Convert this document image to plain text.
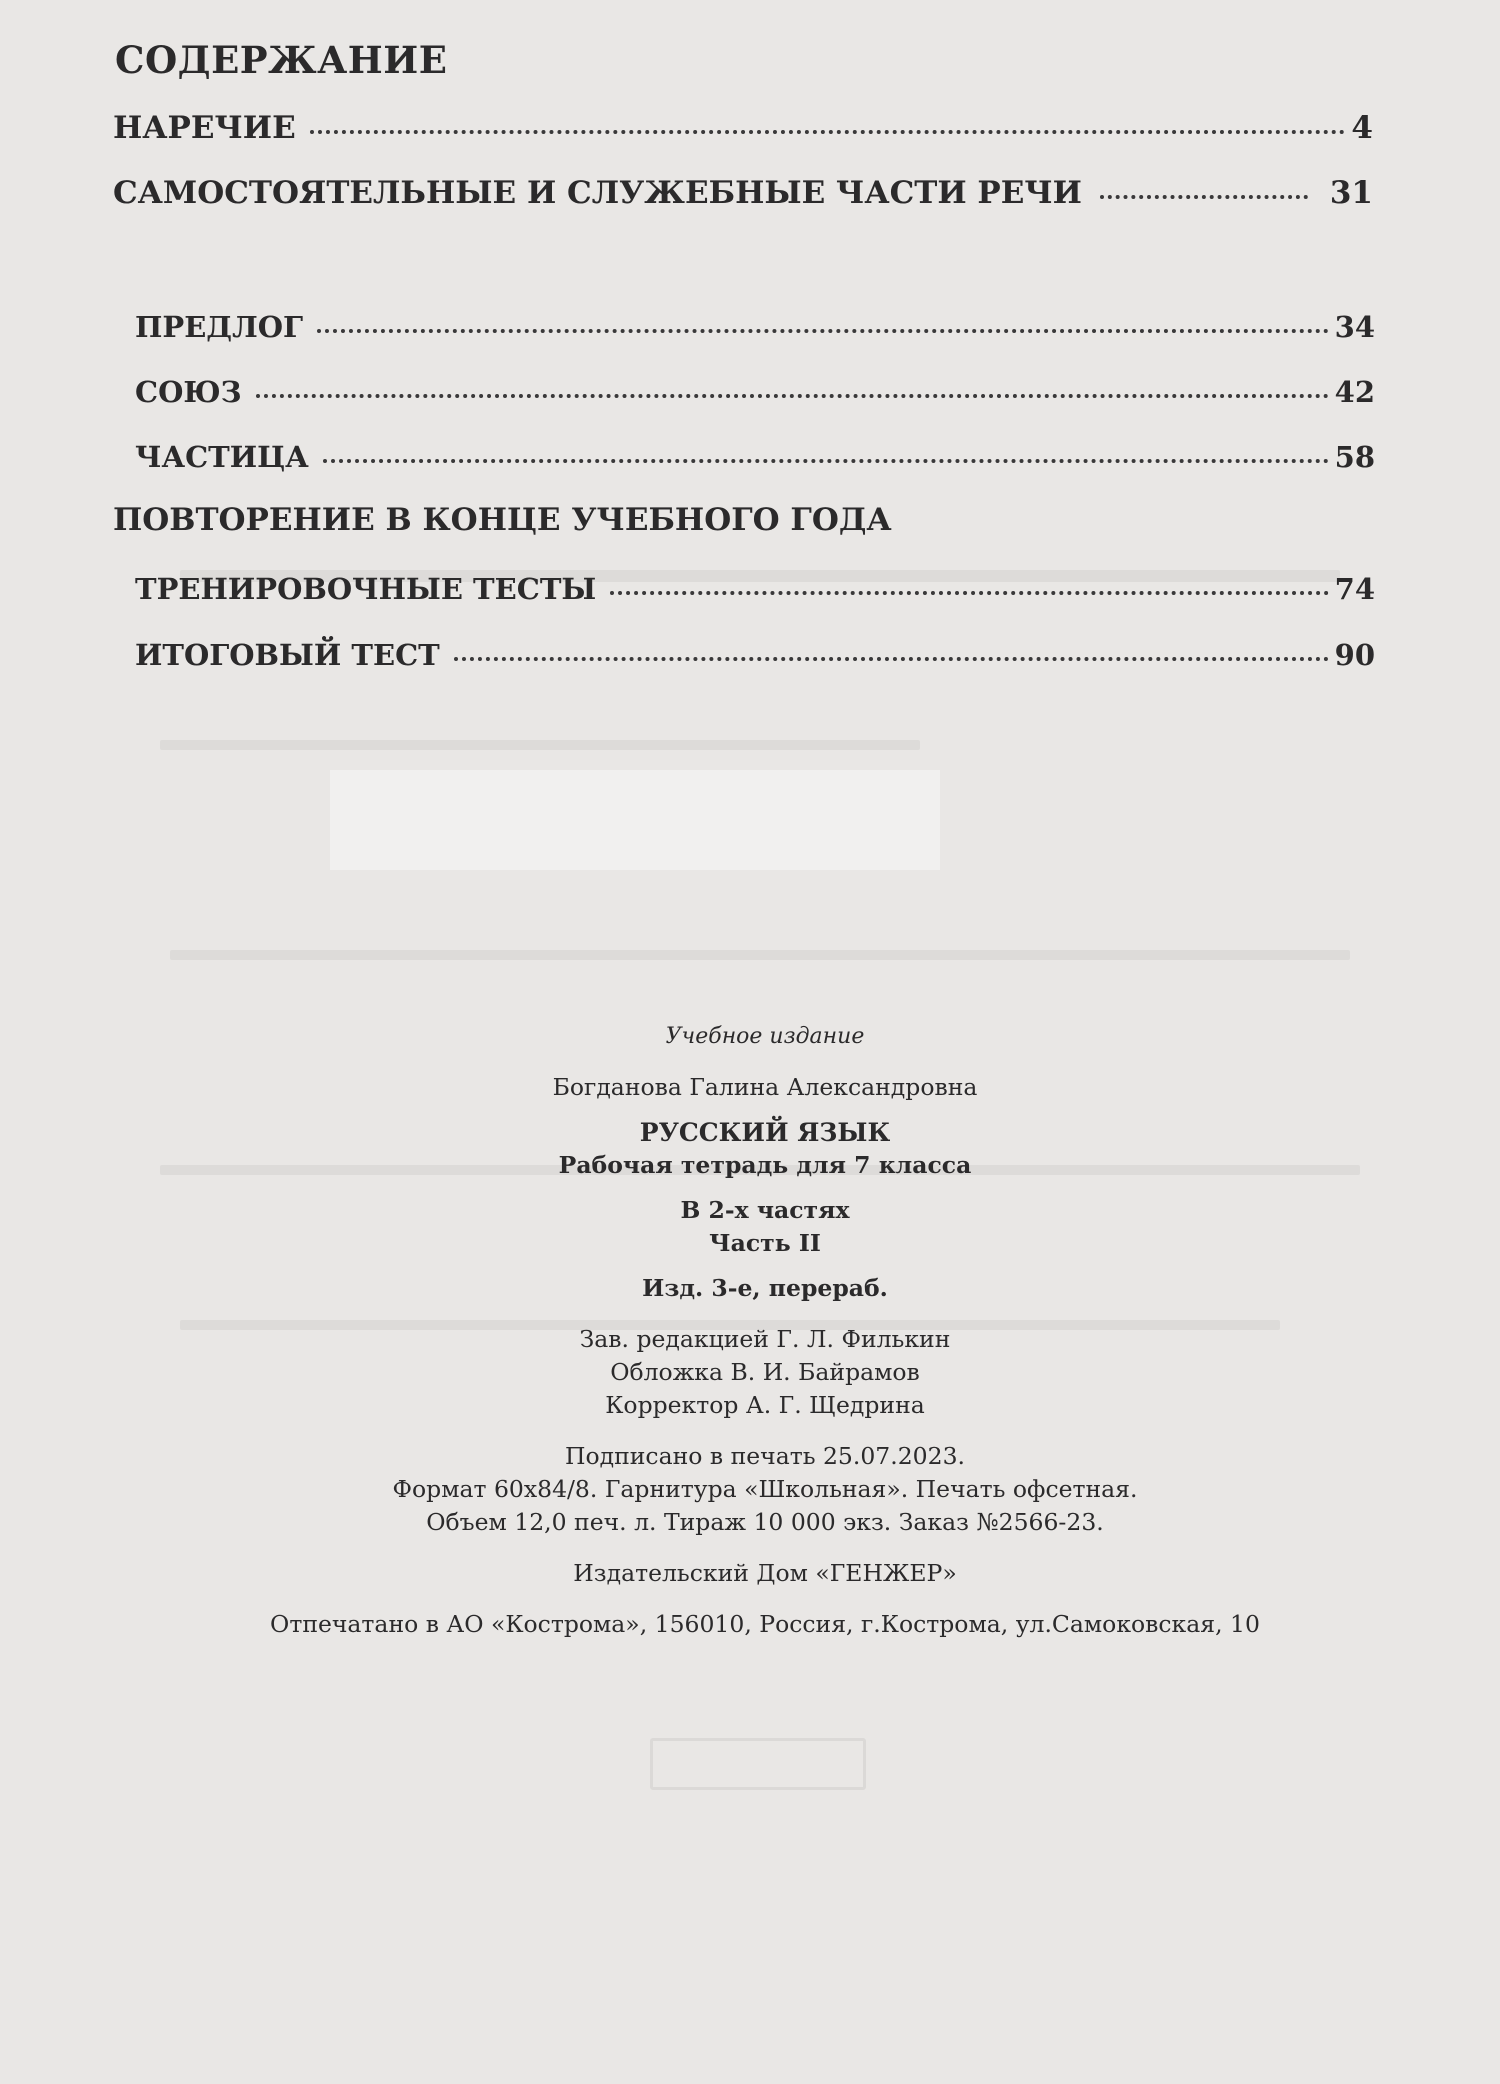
СОДЕРЖАНИЕ
НАРЕЧИЕ	4
САМОСТОЯТЕЛЬНЫЕ И СЛУЖЕБНЫЕ ЧАСТИ РЕЧИ	31
ПРЕДЛОГ	34
СОЮЗ	42
ЧАСТИЦА	58
ПОВТОРЕНИЕ В КОНЦЕ УЧЕБНОГО ГОДА
ТРЕНИРОВОЧНЫЕ ТЕСТЫ	74
ИТОГОВЫЙ ТЕСТ	90
Учебное издание
Богданова Галина Александровна
РУССКИЙ ЯЗЫК
Рабочая тетрадь для 7 класса
В 2-х частях
Часть II
Изд. 3-е, перераб.
Зав. редакцией Г. Л. Филькин
Обложка В. И. Байрамов
Корректор А. Г. Щедрина
Подписано в печать 25.07.2023.
Формат 60x84/8. Гарнитура «Школьная». Печать офсетная.
Объем 12,0 печ. л. Тираж 10 000 экз. Заказ №2566-23.
Издательский Дом «ГЕНЖЕР»
Отпечатано в АО «Кострома», 156010, Россия, г.Кострома, ул.Самоковская, 10
